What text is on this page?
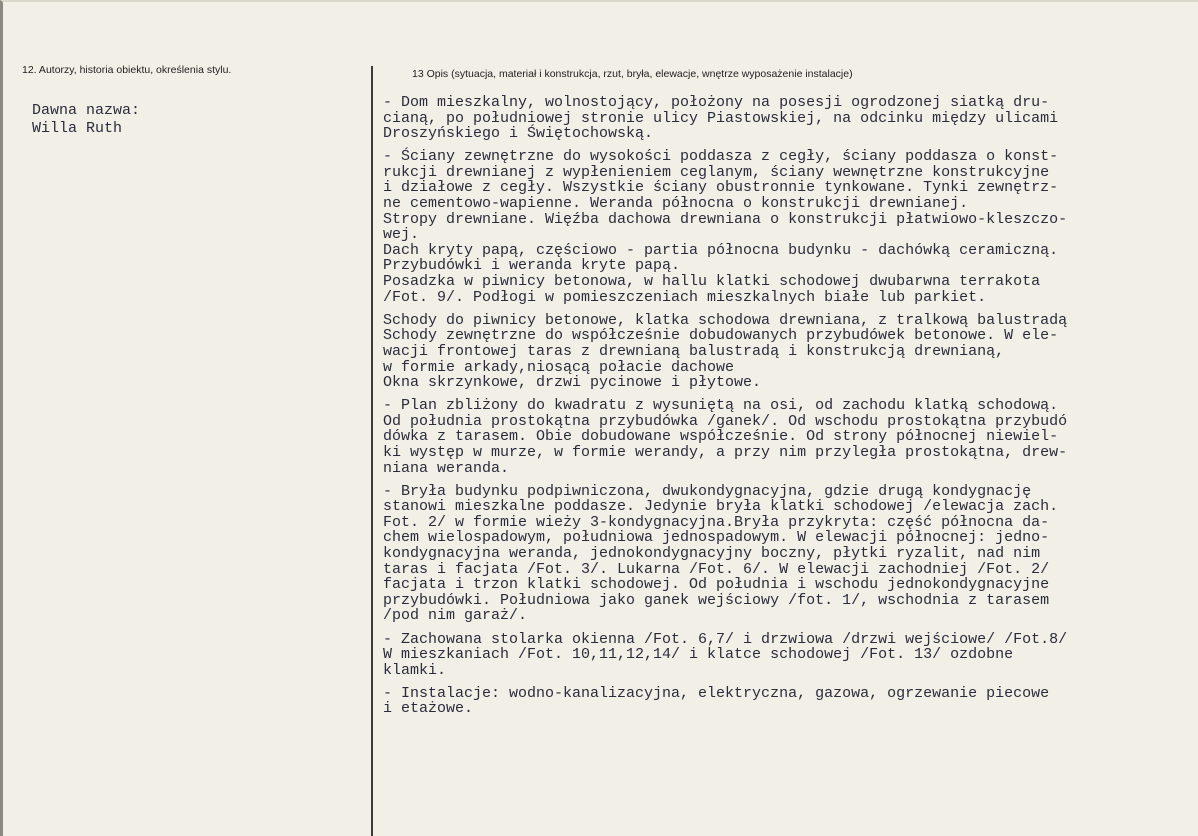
12. Autorzy, historia obiektu, określenia stylu.	13 Opis (sytuacja, materiał i konstrukcja, rzut, bryła, elewacje, wnętrze wyposażenie instalacje)
Dawna nazwa:
Willa Ruth
- Dom mieszkalny, wolnostojący, położony na posesji ogrodzonej siatką dru-
cianą, po południowej stronie ulicy Piastowskiej, na odcinku między ulicami
Droszyńskiego i Świętochowską.
- Ściany zewnętrzne do wysokości poddasza z cegły, ściany poddasza o konst-
rukcji drewnianej z wypłenieniem ceglanym, ściany wewnętrzne konstrukcyjne
i działowe z cegły. Wszystkie ściany obustronnie tynkowane. Tynki zewnętrz-
ne cementowo-wapienne. Weranda północna o konstrukcji drewnianej.
Stropy drewniane. Więźba dachowa drewniana o konstrukcji płatwiowo-kleszczo-
wej.
Dach kryty papą, częściowo - partia północna budynku - dachówką ceramiczną.
Przybudówki i weranda kryte papą.
Posadzka w piwnicy betonowa, w hallu klatki schodowej dwubarwna terrakota
/Fot. 9/. Podłogi w pomieszczeniach mieszkalnych białe lub parkiet.
Schody do piwnicy betonowe, klatka schodowa drewniana, z tralkową balustradą
Schody zewnętrzne do współcześnie dobudowanych przybudówek betonowe. W ele-
wacji frontowej taras z drewnianą balustradą i konstrukcją drewnianą,
w formie arkady,niosącą połacie dachowe
Okna skrzynkowe, drzwi pycinowe i płytowe.
- Plan zbliżony do kwadratu z wysuniętą na osi, od zachodu klatką schodową.
Od południa prostokątna przybudówka /ganek/. Od wschodu prostokątna przybudó
dówka z tarasem. Obie dobudowane współcześnie. Od strony północnej niewiel-
ki występ w murze, w formie werandy, a przy nim przyległa prostokątna, drew-
niana weranda.
- Bryła budynku podpiwniczona, dwukondygnacyjna, gdzie drugą kondygnację
stanowi mieszkalne poddasze. Jedynie bryła klatki schodowej /elewacja zach.
Fot. 2/ w formie wieży 3-kondygnacyjna.Bryła przykryta: część północna da-
chem wielospadowym, południowa jednospadowym. W elewacji północnej: jedno-
kondygnacyjna weranda, jednokondygnacyjny boczny, płytki ryzalit, nad nim
taras i facjata /Fot. 3/. Lukarna /Fot. 6/. W elewacji zachodniej /Fot. 2/
facjata i trzon klatki schodowej. Od południa i wschodu jednokondygnacyjne
przybudówki. Południowa jako ganek wejściowy /fot. 1/, wschodnia z tarasem
/pod nim garaż/.
- Zachowana stolarka okienna /Fot. 6,7/ i drzwiowa /drzwi wejściowe/ /Fot.8/
W mieszkaniach /Fot. 10,11,12,14/ i klatce schodowej /Fot. 13/ ozdobne
klamki.
- Instalacje: wodno-kanalizacyjna, elektryczna, gazowa, ogrzewanie piecowe
i etażowe.
